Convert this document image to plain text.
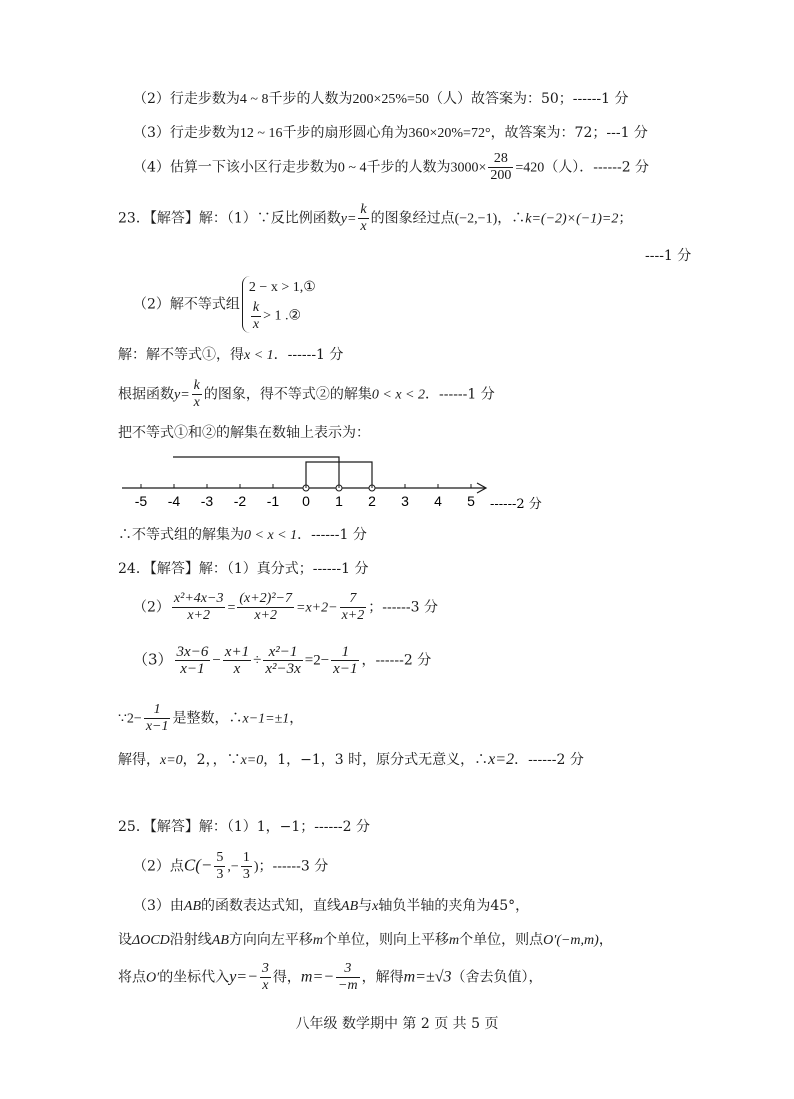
（2）行走步数为4 ~ 8千步的人数为200×25%=50（人）故答案为：50；------1 分
（3）行走步数为12 ~ 16千步的扇形圆心角为360×20%=72°，故答案为：72；---1 分
（4）估算一下该小区行走步数为0 ~ 4千步的人数为$3000\times \frac{28}{200} =420$（人）．------2 分
23．【解答】解：（1）∵反比例函数$y= \frac{k}{x}$ 的图象经过点(−2,−1)，∴k=(−2)×(−1)=2；
----1 分
（2）解不等式组
2 − x > 1,①
$\frac{k}{x} > 1$ .②
解：解不等式①，得x < 1．------1 分
根据函数$y= \frac{k}{x}$ 的图象，得不等式②的解集0 < x < 2．------1 分
把不等式①和②的解集在数轴上表示为：
-5 -4 -3 -2 -1 0 1 2 3 4 5 ------2 分
∴不等式组的解集为0 < x < 1．------1 分
24．【解答】解：（1）真分式；------1 分
$(2) \frac{\text{x²+4x−3}}{x+2} = \frac{\text{(x+2)²−7}}{x+2} =x+2- \frac{7}{x+2}$ ；------3 分
$(3) \frac{3x-6}{x-1} - \frac{x+1}{x} \div \frac{\text{x²−1}}{\text{x²−3x}} =2- \frac{1}{x-1}$ ，------2 分
∵2− $\frac{1}{x-1}$ 是整数，∴x−1=±1，
解得，x=0，2，，∵x=0，1，−1，3 时，原分式无意义，∴x=2．------2 分
25．【解答】解：（1）1，−1；------2 分
（2）点$C(- \frac{5}{3}$ ,− $\frac{1}{3}$ )；------3 分
（3）由AB的函数表达式知，直线AB与x轴负半轴的夹角为45°，
设ΔOCD沿射线AB方向向左平移m个单位，则向上平移m个单位，则点O′(−m,m)，
将点O′的坐标代入$y=- \frac{3}{x}$ 得，$m=- \frac{3}{-m}$ ，解得m=±√3（舍去负值），
八年级 数学期中 第 2 页 共 5 页
